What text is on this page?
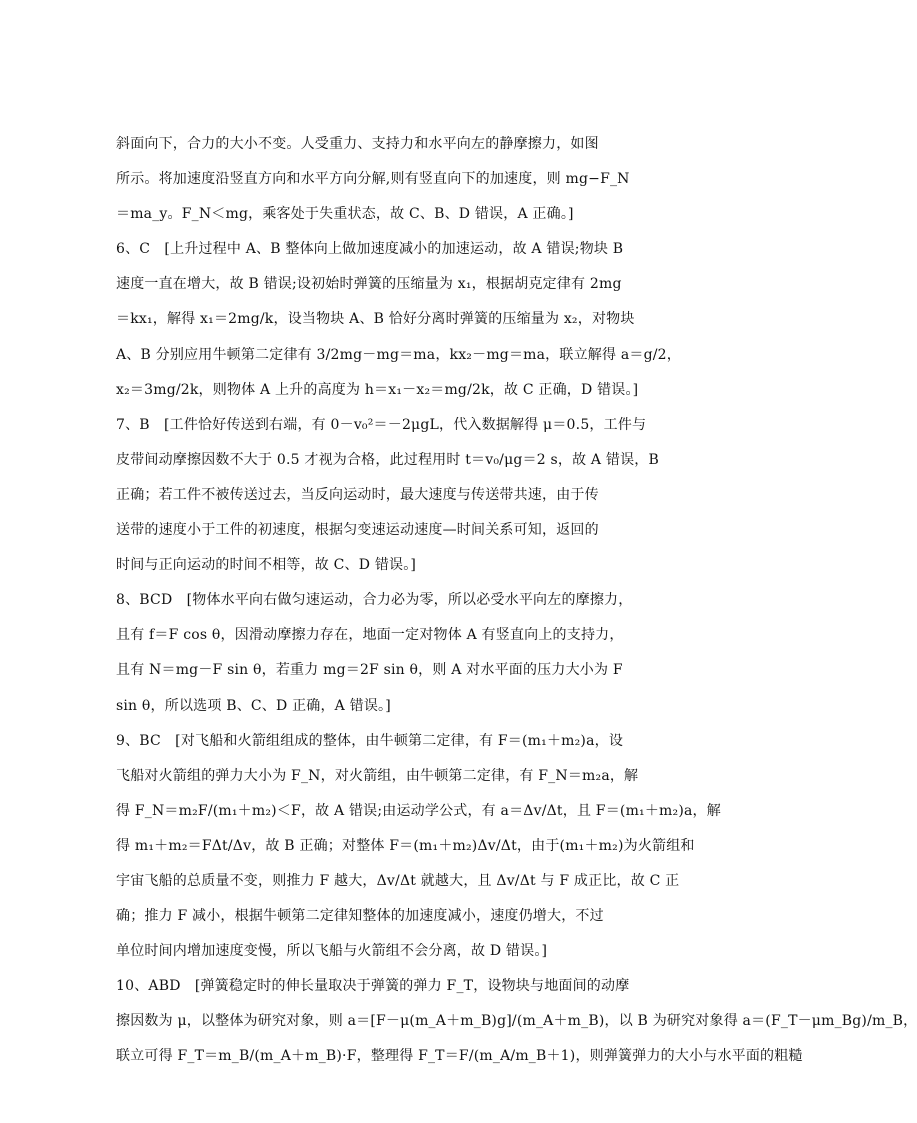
斜面向下，合力的大小不变。人受重力、支持力和水平向左的静摩擦力，如图
所示。将加速度沿竖直方向和水平方向分解,则有竖直向下的加速度，则 mg−F_N
＝ma_y。F_N＜mg，乘客处于失重状态，故 C、B、D 错误，A 正确。]
6、C　[上升过程中 A、B 整体向上做加速度减小的加速运动，故 A 错误;物块 B
速度一直在增大，故 B 错误;设初始时弹簧的压缩量为 x₁，根据胡克定律有 2mg
＝kx₁，解得 x₁＝2mg/k，设当物块 A、B 恰好分离时弹簧的压缩量为 x₂，对物块
A、B 分别应用牛顿第二定律有 3/2mg－mg＝ma，kx₂－mg＝ma，联立解得 a＝g/2，
x₂＝3mg/2k，则物体 A 上升的高度为 h＝x₁－x₂＝mg/2k，故 C 正确，D 错误。]
7、B　[工件恰好传送到右端，有 0－v₀²＝－2μgL，代入数据解得 μ＝0.5，工件与
皮带间动摩擦因数不大于 0.5 才视为合格，此过程用时 t＝v₀/μg＝2 s，故 A 错误，B
正确；若工件不被传送过去，当反向运动时，最大速度与传送带共速，由于传
送带的速度小于工件的初速度，根据匀变速运动速度—时间关系可知，返回的
时间与正向运动的时间不相等，故 C、D 错误。]
8、BCD　[物体水平向右做匀速运动，合力必为零，所以必受水平向左的摩擦力，
且有 f＝F cos θ，因滑动摩擦力存在，地面一定对物体 A 有竖直向上的支持力，
且有 N＝mg－F sin θ，若重力 mg＝2F sin θ，则 A 对水平面的压力大小为 F
sin θ，所以选项 B、C、D 正确，A 错误。]
9、BC　[对飞船和火箭组组成的整体，由牛顿第二定律，有 F＝(m₁＋m₂)a，设
飞船对火箭组的弹力大小为 F_N，对火箭组，由牛顿第二定律，有 F_N＝m₂a，解
得 F_N＝m₂F/(m₁＋m₂)＜F，故 A 错误;由运动学公式，有 a＝Δv/Δt，且 F＝(m₁＋m₂)a，解
得 m₁＋m₂＝FΔt/Δv，故 B 正确；对整体 F＝(m₁＋m₂)Δv/Δt，由于(m₁＋m₂)为火箭组和
宇宙飞船的总质量不变，则推力 F 越大，Δv/Δt 就越大，且 Δv/Δt 与 F 成正比，故 C 正
确；推力 F 减小，根据牛顿第二定律知整体的加速度减小，速度仍增大，不过
单位时间内增加速度变慢，所以飞船与火箭组不会分离，故 D 错误。]
10、ABD　[弹簧稳定时的伸长量取决于弹簧的弹力 F_T，设物块与地面间的动摩
擦因数为 μ，以整体为研究对象，则 a＝[F－μ(m_A＋m_B)g]/(m_A＋m_B)，以 B 为研究对象得 a＝(F_T－μm_Bg)/m_B，
联立可得 F_T＝m_B/(m_A＋m_B)·F，整理得 F_T＝F/(m_A/m_B＋1)，则弹簧弹力的大小与水平面的粗糙
